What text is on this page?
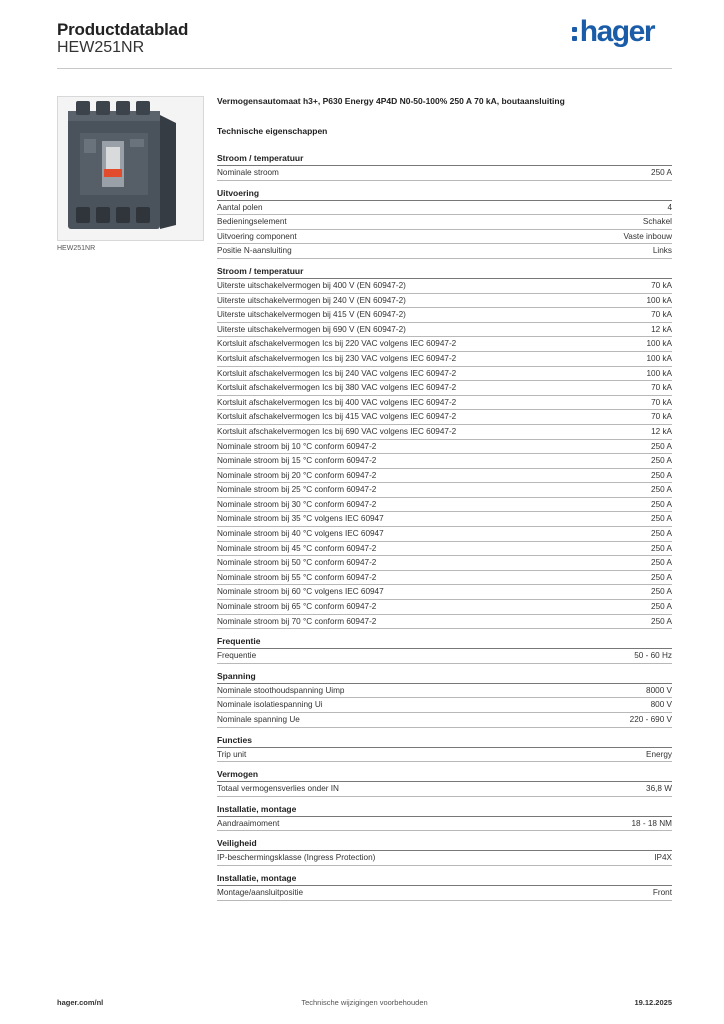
Productdatablad
HEW251NR	hager
HEW251NR
Vermogensautomaat h3+, P630 Energy 4P4D N0-50-100% 250 A 70 kA, boutaansluiting
Technische eigenschappen
Stroom / temperatuur
Nominale stroom	250 A
Uitvoering
Aantal polen	4
Bedieningselement	Schakel
Uitvoering component	Vaste inbouw
Positie N-aansluiting	Links
Stroom / temperatuur
Uiterste uitschakelvermogen bij 400 V (EN 60947-2)	70 kA
Uiterste uitschakelvermogen bij 240 V (EN 60947-2)	100 kA
Uiterste uitschakelvermogen bij 415 V (EN 60947-2)	70 kA
Uiterste uitschakelvermogen bij 690 V (EN 60947-2)	12 kA
Kortsluit afschakelvermogen Ics bij 220 VAC volgens IEC 60947-2	100 kA
Kortsluit afschakelvermogen Ics bij 230 VAC volgens IEC 60947-2	100 kA
Kortsluit afschakelvermogen Ics bij 240 VAC volgens IEC 60947-2	100 kA
Kortsluit afschakelvermogen Ics bij 380 VAC volgens IEC 60947-2	70 kA
Kortsluit afschakelvermogen Ics bij 400 VAC volgens IEC 60947-2	70 kA
Kortsluit afschakelvermogen Ics bij 415 VAC volgens IEC 60947-2	70 kA
Kortsluit afschakelvermogen Ics bij 690 VAC volgens IEC 60947-2	12 kA
Nominale stroom bij 10 °C conform 60947-2	250 A
Nominale stroom bij 15 °C conform 60947-2	250 A
Nominale stroom bij 20 °C conform 60947-2	250 A
Nominale stroom bij 25 °C conform 60947-2	250 A
Nominale stroom bij 30 °C conform 60947-2	250 A
Nominale stroom bij 35 °C volgens IEC 60947	250 A
Nominale stroom bij 40 °C volgens IEC 60947	250 A
Nominale stroom bij 45 °C conform 60947-2	250 A
Nominale stroom bij 50 °C conform 60947-2	250 A
Nominale stroom bij 55 °C conform 60947-2	250 A
Nominale stroom bij 60 °C volgens IEC 60947	250 A
Nominale stroom bij 65 °C conform 60947-2	250 A
Nominale stroom bij 70 °C conform 60947-2	250 A
Frequentie
Frequentie	50 - 60 Hz
Spanning
Nominale stoothoudspanning Uimp	8000 V
Nominale isolatiespanning Ui	800 V
Nominale spanning Ue	220 - 690 V
Functies
Trip unit	Energy
Vermogen
Totaal vermogensverlies onder IN	36,8 W
Installatie, montage
Aandraaimoment	18 - 18 NM
Veiligheid
IP-beschermingsklasse (Ingress Protection)	IP4X
Installatie, montage
Montage/aansluitpositie	Front
hager.com/nl	Technische wijzigingen voorbehouden	19.12.2025
